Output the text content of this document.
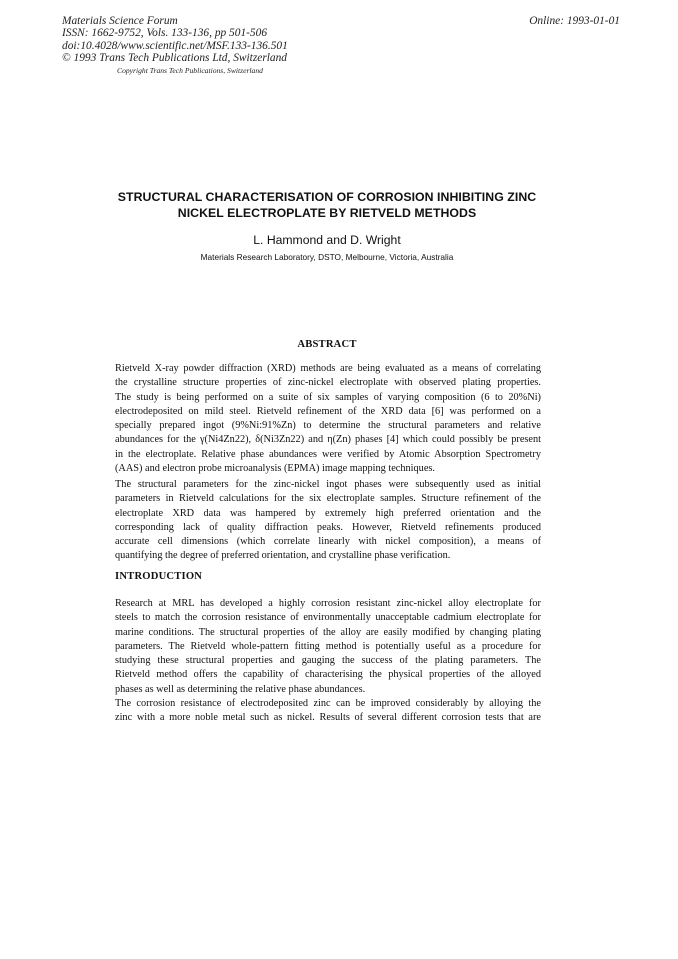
Materials Science Forum
ISSN: 1662-9752, Vols. 133-136, pp 501-506
doi:10.4028/www.scientific.net/MSF.133-136.501
© 1993 Trans Tech Publications Ltd, Switzerland
Online: 1993-01-01
Copyright Trans Tech Publications, Switzerland
STRUCTURAL CHARACTERISATION OF CORROSION INHIBITING ZINC
NICKEL ELECTROPLATE BY RIETVELD METHODS
L. Hammond and D. Wright
Materials Research Laboratory, DSTO, Melbourne, Victoria, Australia
ABSTRACT
Rietveld X-ray powder diffraction (XRD) methods are being evaluated as a means of correlating
the crystalline structure properties of zinc-nickel electroplate with observed plating properties.
The study is being performed on a suite of six samples of varying composition (6 to 20%Ni)
electrodeposited on mild steel. Rietveld refinement of the XRD data [6] was performed on a
specially prepared ingot (9%Ni:91%Zn) to determine the structural parameters and relative
abundances for the γ(Ni4Zn22), δ(Ni3Zn22) and η(Zn) phases [4] which could possibly be present
in the electroplate. Relative phase abundances were verified by Atomic Absorption Spectrometry
(AAS) and electron probe microanalysis (EPMA) image mapping techniques.
The structural parameters for the zinc-nickel ingot phases were subsequently used as initial
parameters in Rietveld calculations for the six electroplate samples. Structure refinement of the
electroplate XRD data was hampered by extremely high preferred orientation and the
corresponding lack of quality diffraction peaks. However, Rietveld refinements produced
accurate cell dimensions (which correlate linearly with nickel composition), a means of
quantifying the degree of preferred orientation, and crystalline phase verification.
INTRODUCTION
Research at MRL has developed a highly corrosion resistant zinc-nickel alloy electroplate for
steels to match the corrosion resistance of environmentally unacceptable cadmium electroplate for
marine conditions. The structural properties of the alloy are easily modified by changing plating
parameters. The Rietveld whole-pattern fitting method is potentially useful as a procedure for
studying these structural properties and gauging the success of the plating parameters. The
Rietveld method offers the capability of characterising the physical properties of the alloyed
phases as well as determining the relative phase abundances.
The corrosion resistance of electrodeposited zinc can be improved considerably by alloying the
zinc with a more noble metal such as nickel. Results of several different corrosion tests that are
